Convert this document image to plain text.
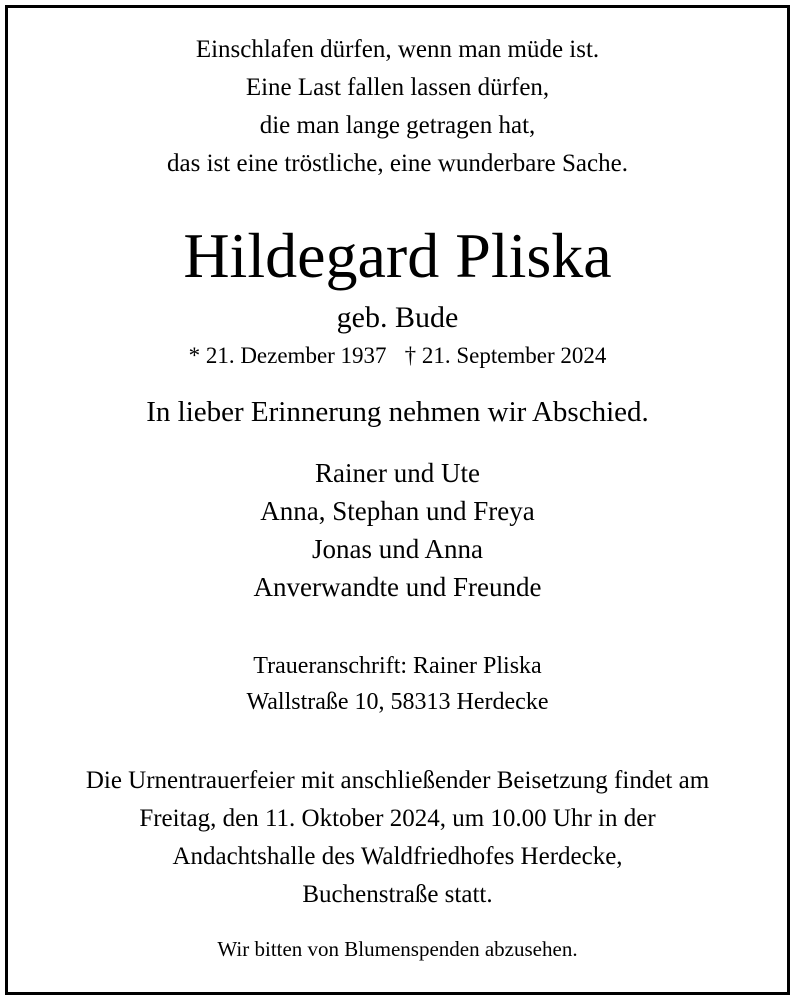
Einschlafen dürfen, wenn man müde ist.
Eine Last fallen lassen dürfen,
die man lange getragen hat,
das ist eine tröstliche, eine wunderbare Sache.
Hildegard Pliska
geb. Bude
* 21. Dezember 1937 † 21. September 2024
In lieber Erinnerung nehmen wir Abschied.
Rainer und Ute
Anna, Stephan und Freya
Jonas und Anna
Anverwandte und Freunde
Traueranschrift: Rainer Pliska
Wallstraße 10, 58313 Herdecke
Die Urnentrauerfeier mit anschließender Beisetzung findet am
Freitag, den 11. Oktober 2024, um 10.00 Uhr in der
Andachtshalle des Waldfriedhofes Herdecke,
Buchenstraße statt.
Wir bitten von Blumenspenden abzusehen.
